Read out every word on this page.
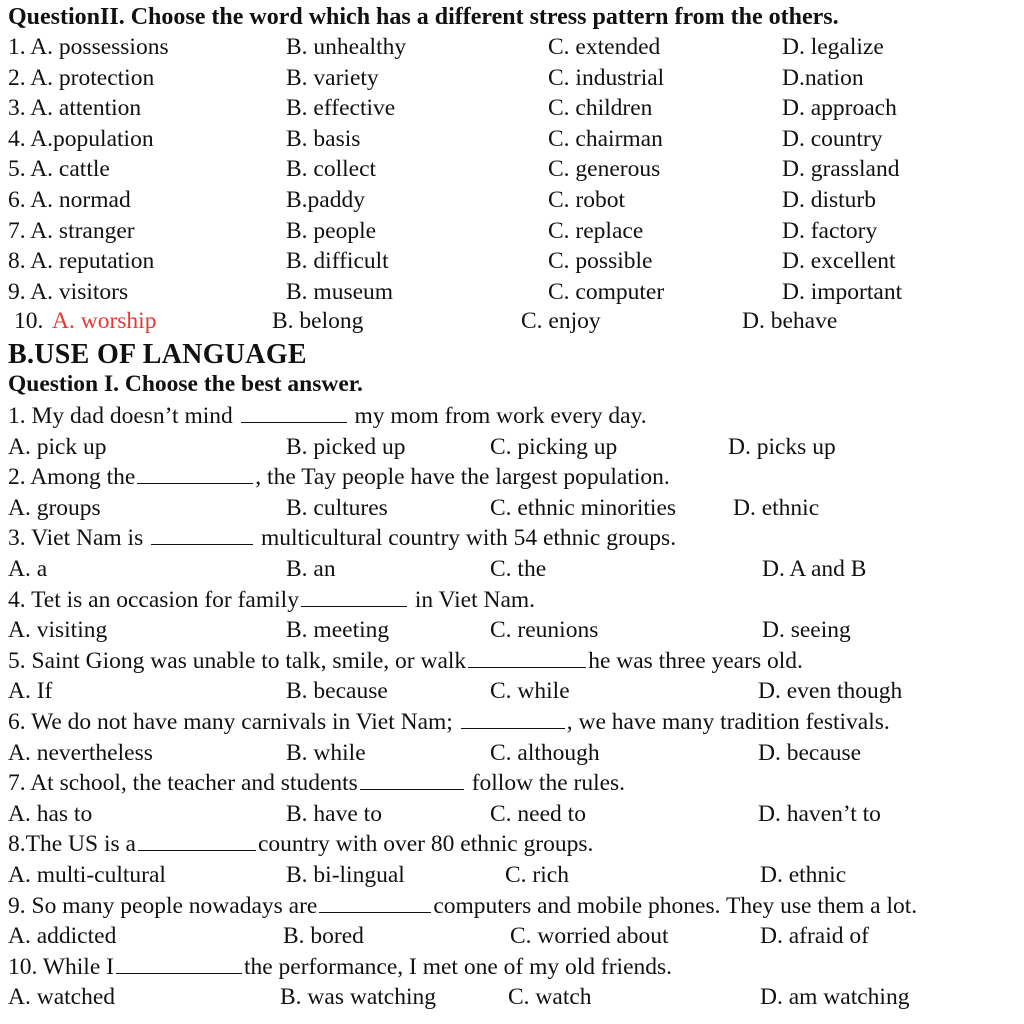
QuestionII. Choose the word which has a different stress pattern from the others.
1. A. possessions	B. unhealthy	C. extended	D. legalize
2. A. protection	B. variety	C. industrial	D.nation
3. A. attention	B. effective	C. children	D. approach
4. A.population	B. basis	C. chairman	D. country
5. A. cattle	B. collect	C. generous	D. grassland
6. A. normad	B.paddy	C. robot	D. disturb
7. A. stranger	B. people	C. replace	D. factory
8. A. reputation	B. difficult	C. possible	D. excellent
9. A. visitors	B. museum	C. computer	D. important
10. A. worship	B. belong	C. enjoy	D. behave
B.USE OF LANGUAGE
Question I. Choose the best answer.
1. My dad doesn’t mind	my mom from work every day.
A. pick up	B. picked up	C. picking up	D. picks up
2. Among the	, the Tay people have the largest population.
A. groups	B. cultures	C. ethnic minorities D. ethnic
3. Viet Nam is	multicultural country with 54 ethnic groups.
A. a	B. an	C. the	D. A and B
4. Tet is an occasion for family	in Viet Nam.
A. visiting	B. meeting	C. reunions	D. seeing
5. Saint Giong was unable to talk, smile, or walk	he was three years old.
A. If	B. because	C. while	D. even though
6. We do not have many carnivals in Viet Nam;	, we have many tradition festivals.
A. nevertheless	B. while	C. although	D. because
7. At school, the teacher and students	follow the rules.
A. has to	B. have to	C. need to	D. haven’t to
8.The US is a	country with over 80 ethnic groups.
A. multi-cultural	B. bi-lingual	C. rich	D. ethnic
9. So many people nowadays are	computers and mobile phones. They use them a lot.
A. addicted	B. bored	C. worried about	D. afraid of
10. While I	the performance, I met one of my old friends.
A. watched	B. was watching	C. watch	D. am watching
